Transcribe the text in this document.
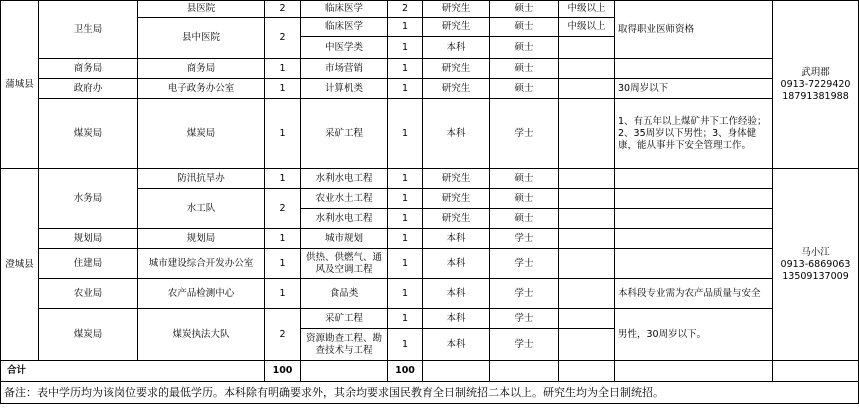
蒲城县	卫生局	县医院	2	临床医学	2	研究生	硕士	中级以上	取得职业医师资格	武玥郡
0913-7229420
18791381988

		县中医院	2	临床医学	1	研究生	硕士	中级以上		
				中医学类	1	本科	硕士			
	商务局	商务局	1	市场营销	1	研究生	硕士			
	政府办	电子政务办公室	1	计算机类	1	研究生	硕士		30周岁以下	
	煤炭局	煤炭局	1	采矿工程	1	本科	学士		1、有五年以上煤矿井下工作经验；2、35周岁以下男性；3、身体健康，能从事井下安全管理工作。	
澄城县	水务局	防汛抗旱办	1	水利水电工程	1	研究生	硕士			马小江
0913-6869063
13509137009

		水工队	2	农业水土工程	1	研究生	硕士			
				水利水电工程	1	研究生	硕士			
	规划局	规划局	1	城市规划	1	本科	学士			
	住建局	城市建设综合开发办公室	1	供热、供燃气、通风及空调工程	1	本科	学士			
	农业局	农产品检测中心	1	食品类	1	本科	学士		本科段专业需为农产品质量与安全	
	煤炭局	煤炭执法大队	2	采矿工程	1	本科	学士		男性，30周岁以下。	
				资源勘查工程、勘查技术与工程	1	本科	学士			
合计			100		100					
备注：表中学历均为该岗位要求的最低学历。本科除有明确要求外，其余均要求国民教育全日制统招二本以上。研究生均为全日制统招。										
